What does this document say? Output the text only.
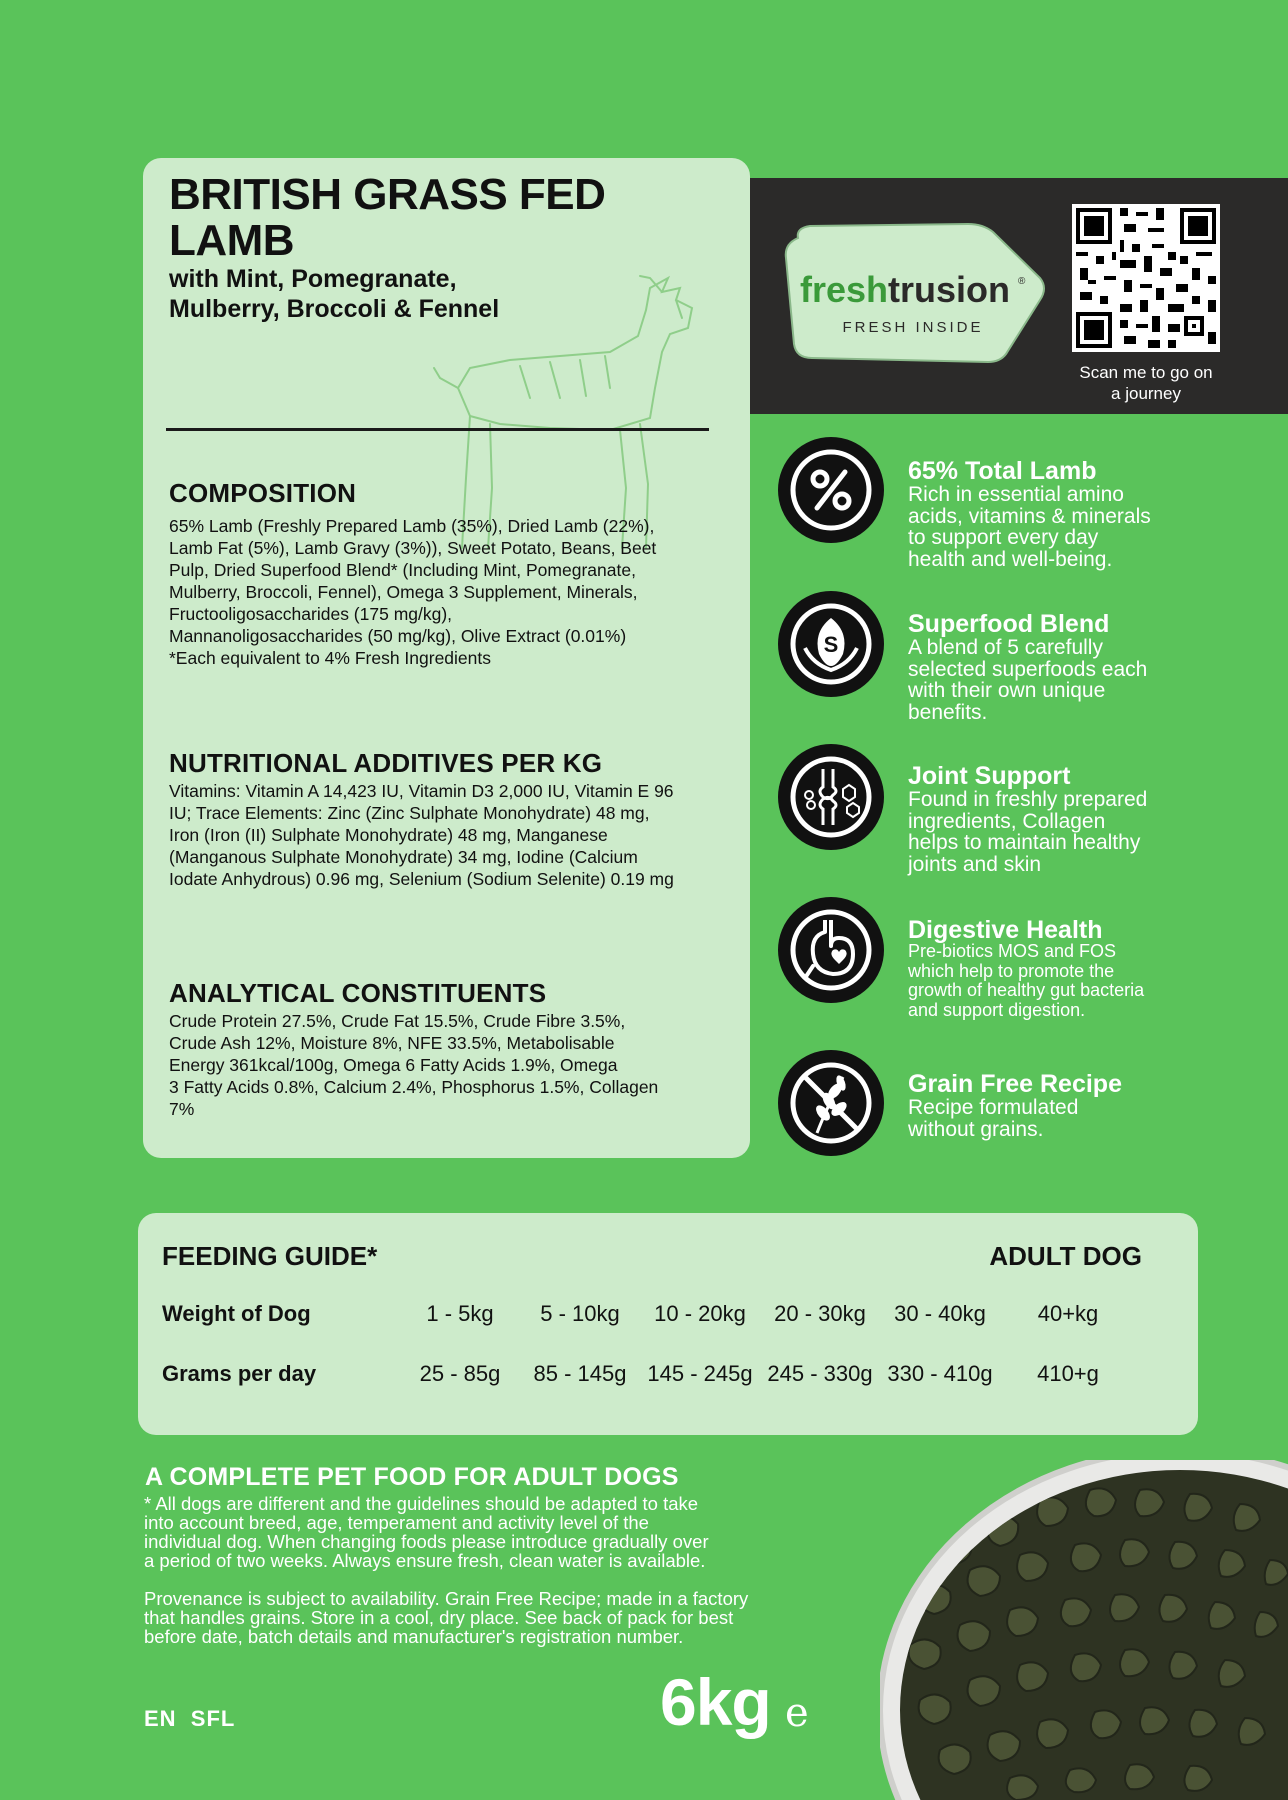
BRITISH GRASS FED
LAMB
with Mint, Pomegranate,
Mulberry, Broccoli & Fennel
COMPOSITION

65% Lamb (Freshly Prepared Lamb (35%), Dried Lamb (22%),
Lamb Fat (5%), Lamb Gravy (3%)), Sweet Potato, Beans, Beet
Pulp, Dried Superfood Blend* (Including Mint, Pomegranate,
Mulberry, Broccoli, Fennel), Omega 3 Supplement, Minerals,
Fructooligosaccharides (175 mg/kg),
Mannanoligosaccharides (50 mg/kg), Olive Extract (0.01%)
*Each equivalent to 4% Fresh Ingredients

NUTRITIONAL ADDITIVES PER KG

Vitamins: Vitamin A 14,423 IU, Vitamin D3 2,000 IU, Vitamin E 96
IU; Trace Elements: Zinc (Zinc Sulphate Monohydrate) 48 mg,
Iron (Iron (II) Sulphate Monohydrate) 48 mg, Manganese
(Manganous Sulphate Monohydrate) 34 mg, Iodine (Calcium
Iodate Anhydrous) 0.96 mg, Selenium (Sodium Selenite) 0.19 mg

ANALYTICAL CONSTITUENTS

Crude Protein 27.5%, Crude Fat 15.5%, Crude Fibre 3.5%,
Crude Ash 12%, Moisture 8%, NFE 33.5%, Metabolisable
Energy 361kcal/100g, Omega 6 Fatty Acids 1.9%, Omega
3 Fatty Acids 0.8%, Calcium 2.4%, Phosphorus 1.5%, Collagen
7%

fresh trusion ®
FRESH INSIDE
Scan me to go on
a journey
65% Total Lamb

Rich in essential amino
acids, vitamins & minerals
to support every day
health and well-being.

S
Superfood Blend

A blend of 5 carefully
selected superfoods each
with their own unique
benefits.

Joint Support

Found in freshly prepared
ingredients, Collagen
helps to maintain healthy
joints and skin

Digestive Health

Pre-biotics MOS and FOS
which help to promote the
growth of healthy gut bacteria
and support digestion.

Grain Free Recipe

Recipe formulated
without grains.

FEEDING GUIDE*	ADULT DOG
Weight of Dog	1 - 5kg	5 - 10kg	10 - 20kg	20 - 30kg	30 - 40kg	40+kg
Grams per day	25 - 85g	85 - 145g 145 - 245g 245 - 330g 330 - 410g	410+g
A COMPLETE PET FOOD FOR ADULT DOGS

* All dogs are different and the guidelines should be adapted to take
into account breed, age, temperament and activity level of the
individual dog. When changing foods please introduce gradually over
a period of two weeks. Always ensure fresh, clean water is available.

Provenance is subject to availability. Grain Free Recipe; made in a factory
that handles grains. Store in a cool, dry place. See back of pack for best
before date, batch details and manufacturer's registration number.

EN  SFL	6kg e
